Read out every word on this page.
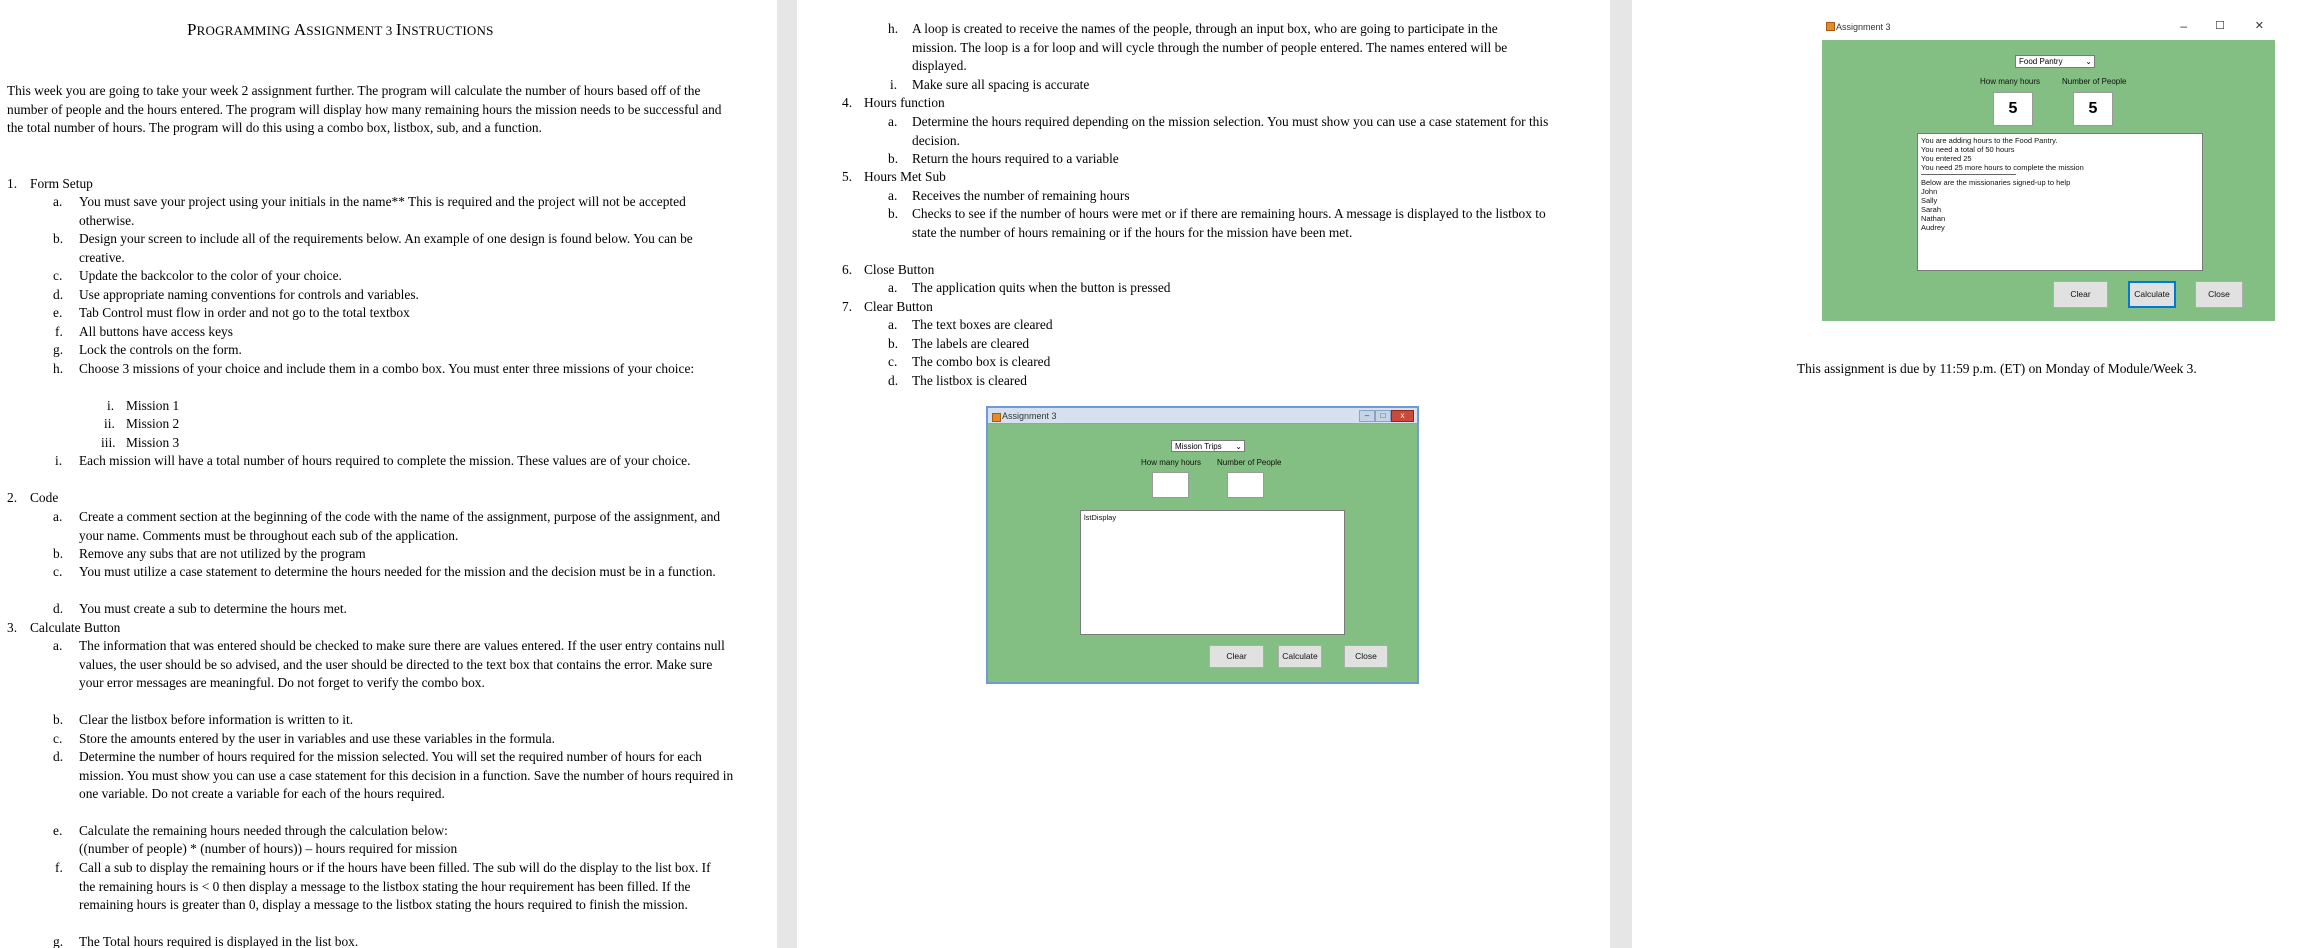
PROGRAMMING ASSIGNMENT 3 INSTRUCTIONS
This week you are going to take your week 2 assignment further. The program will calculate the number of hours based off of the number of people and the hours entered. The program will display how many remaining hours the mission needs to be successful and the total number of hours. The program will do this using a combo box, listbox, sub, and a function.
1. Form Setup
a. You must save your project using your initials in the name** This is required and the project will not be accepted otherwise.
b. Design your screen to include all of the requirements below. An example of one design is found below. You can be creative.
c. Update the backcolor to the color of your choice.
d. Use appropriate naming conventions for controls and variables.
e. Tab Control must flow in order and not go to the total textbox
f. All buttons have access keys
g. Lock the controls on the form.
h. Choose 3 missions of your choice and include them in a combo box. You must enter three missions of your choice:
i. Mission 1
ii. Mission 2
iii. Mission 3
i. Each mission will have a total number of hours required to complete the mission. These values are of your choice.
2. Code
a. Create a comment section at the beginning of the code with the name of the assignment, purpose of the assignment, and your name. Comments must be throughout each sub of the application.
b. Remove any subs that are not utilized by the program
c. You must utilize a case statement to determine the hours needed for the mission and the decision must be in a function.
d. You must create a sub to determine the hours met.
3. Calculate Button
a. The information that was entered should be checked to make sure there are values entered. If the user entry contains null values, the user should be so advised, and the user should be directed to the text box that contains the error. Make sure your error messages are meaningful. Do not forget to verify the combo box.
b. Clear the listbox before information is written to it.
c. Store the amounts entered by the user in variables and use these variables in the formula.
d. Determine the number of hours required for the mission selected. You will set the required number of hours for each mission. You must show you can use a case statement for this decision in a function. Save the number of hours required in one variable. Do not create a variable for each of the hours required.
e. Calculate the remaining hours needed through the calculation below:
((number of people) * (number of hours)) – hours required for mission
f. Call a sub to display the remaining hours or if the hours have been filled. The sub will do the display to the list box. If the remaining hours is < 0 then display a message to the listbox stating the hour requirement has been filled. If the remaining hours is greater than 0, display a message to the listbox stating the hours required to finish the mission.
g. The Total hours required is displayed in the list box.
h. A loop is created to receive the names of the people, through an input box, who are going to participate in the mission. The loop is a for loop and will cycle through the number of people entered. The names entered will be displayed.
i. Make sure all spacing is accurate
4. Hours function
a. Determine the hours required depending on the mission selection. You must show you can use a case statement for this decision.
b. Return the hours required to a variable
5. Hours Met Sub
a. Receives the number of remaining hours
b. Checks to see if the number of hours were met or if there are remaining hours. A message is displayed to the listbox to state the number of hours remaining or if the hours for the mission have been met.
6. Close Button
a. The application quits when the button is pressed
7. Clear Button
a. The text boxes are cleared
b. The labels are cleared
c. The combo box is cleared
d. The listbox is cleared
Assignment 3	–	□	x
Mission Trips ⌄
How many hours Number of People
lstDisplay
Clear	Calculate	Close
Assignment 3	–	☐	✕
Food Pantry	⌄
How many hours	Number of People
5	5
You are adding hours to the Food Pantry.
You need a total of 50 hours
You entered 25
You need 25 more hours to complete the mission
Below are the missionaries signed-up to help
John
Sally
Sarah
Nathan
Audrey
Clear	Calculate	Close
This assignment is due by 11:59 p.m. (ET) on Monday of Module/Week 3.
